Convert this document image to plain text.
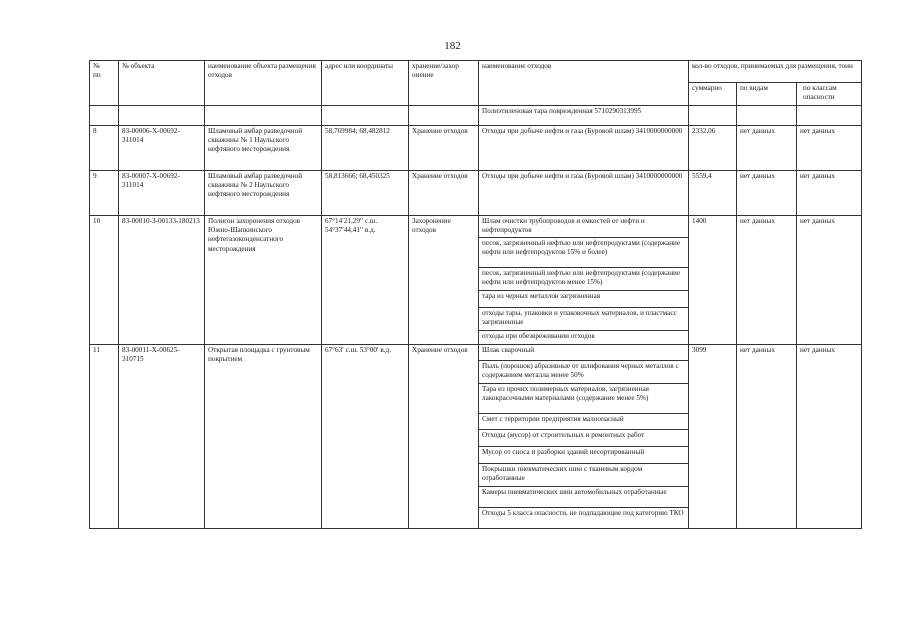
182
№
пп	№ объекта	наименование объекта размещения отходов	адрес или координаты	хранение/захор онение	наименование отходов	кол-во отходов, принимаемых для размещения, тонн		
						суммарно	по видам	по классам опасности
					Полиэтиленовая тара поврежденная 5710290313995			
8	83-00006-Х-00692-311014	Шламовый амбар разведочной скважины № 1 Наульского нефтяного месторождения	58,769984; 68,482812	Хранение отходов	Отходы при добыче нефти и газа (Буровой шлам) 3410000000000	2332,06	нет данных	нет данных
9	83-00007-Х-00692-311014	Шламовый амбар разведочной скважины № 2 Наульского нефтяного месторождения	58,813666; 68,450325	Хранение отходов	Отходы при добыче нефти и газа (Буровой шлам) 3410000000000	5559,4	нет данных	нет данных
10	83-00010-З-00133-180213	Полигон захоронения отходов Южно-Шапкинского нефтегазоконденсатного месторождения	67°14′21,29′′ с.ш. 54°37′44,41′′ в.д.	Захоронение отходов	Шлам очистки трубопроводов и емкостей от нефти и нефтепродуктов	1400	нет данных	нет данных
					песок, загрязненный нефтью или нефтепродуктами (содержание нефти или нефтепродуктов 15% и более)			
					песок, загрязненный нефтью или нефтепродуктами (содержание нефти или нефтепродуктов менее 15%)			
					тара из черных металлов загрязненная			
					отходы тары, упаковки и упаковочных материалов, и пластмасс загрязненные			
					отходы при обезвреживании отходов			
11	83-00011-Х-00625-310715	Открытая площадка с грунтовым покрытием	67°63′ с.ш. 53°00′ в.д.	Хранение отходов	Шлак сварочный	3099	нет данных	нет данных
					Пыль (порошок) абразивные от шлифования черных металлов с содержанием металла менее 50%			
					Тара из прочих полимерных материалов, загрязненная лакокрасочными материалами (содержание менее 5%)			
					Смет с территории предприятия малоопасный			
					Отходы (мусор) от строительных и ремонтных работ			
					Мусор от сноса и разборки зданий несортированный			
					Покрышки пневматических шин с тканевым кордом отработанные			
					Камеры пневматических шин автомобильных отработанные			
					Отходы 5 класса опасности, не подпадающие под категорию ТКО			
